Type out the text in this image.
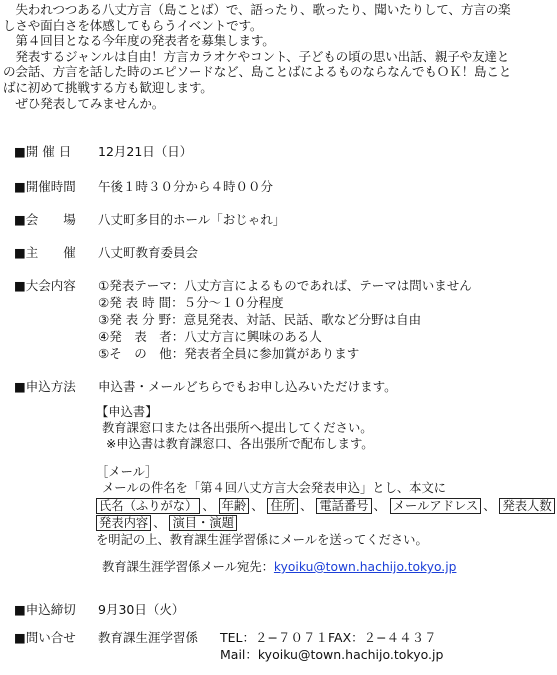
　失われつつある八丈方言（島ことば）で、語ったり、歌ったり、聞いたりして、方言の楽しさや面白さを体感してもらうイベントです。

　第４回目となる今年度の発表者を募集します。

　発表するジャンルは自由！方言カラオケやコント、子どもの頃の思い出話、親子や友達との会話、方言を話した時のエピソードなど、島ことばによるものならなんでもＯＫ！島ことばに初めて挑戦する方も歓迎します。

　ぜひ発表してみませんか。

■開 催 日	12月21日（日）
■開催時間	午後１時３０分から４時００分
■会　　場	八丈町多目的ホール「おじゃれ」
■主　　催	八丈町教育委員会
■大会内容	①発表テーマ：八丈方言によるものであれば、テーマは問いません
②発 表 時 間：５分～１０分程度
③発 表 分 野：意見発表、対話、民話、歌など分野は自由
④発　表　者：八丈方言に興味のある人
⑤そ　の　他：発表者全員に参加賞があります
■申込方法	申込書・メールどちらでもお申し込みいただけます。
【申込書】
教育課窓口または各出張所へ提出してください。
※申込書は教育課窓口、各出張所で配布します。
［メール］
メールの件名を「第４回八丈方言大会発表申込」とし、本文に
氏名（ふりがな） 、 年齢 、 住所 、 電話番号 、 メールアドレス 、 発表人数
発表内容 、 演目・演題
を明記の上、教育課生涯学習係にメールを送ってください。
教育課生涯学習係メール宛先：kyoiku@town.hachijo.tokyo.jp
■申込締切	9月30日（火）
■問い合せ 教育課生涯学習係 TEL：２−７０７１ FAX：２−４４３７
Mail：kyoiku@town.hachijo.tokyo.jp
